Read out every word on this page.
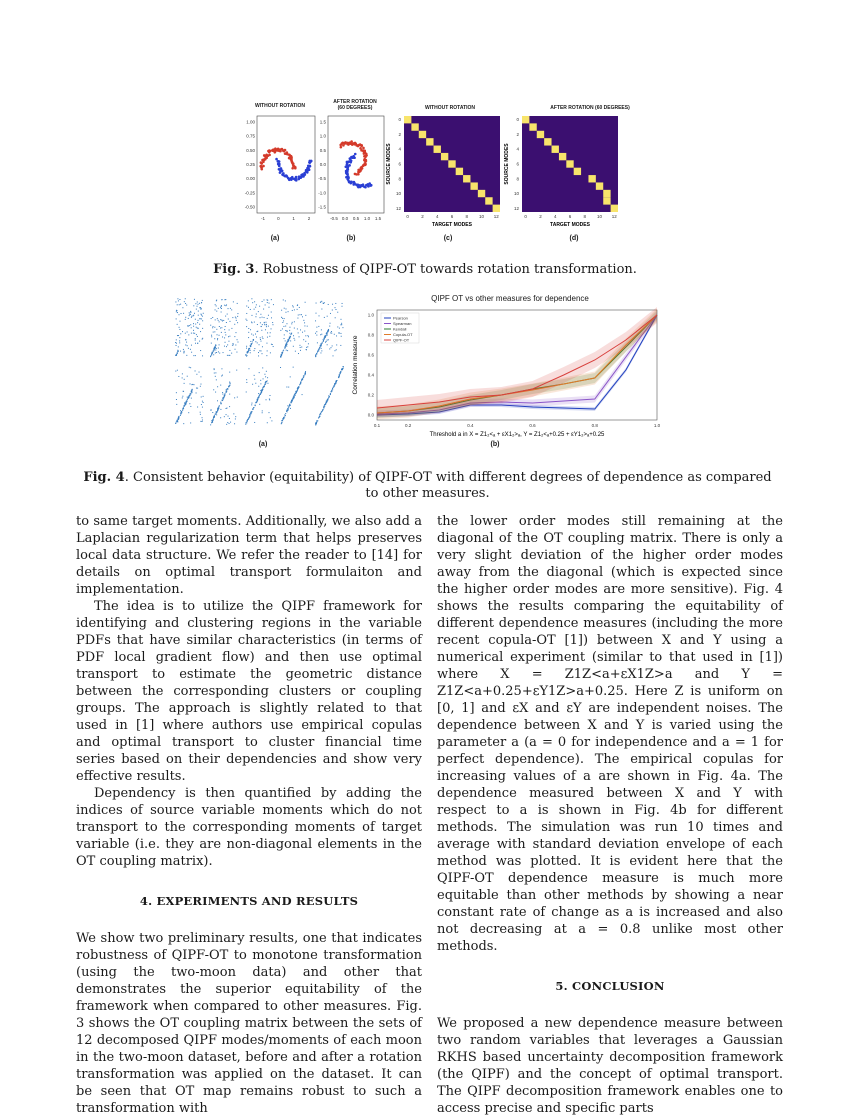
WITHOUT ROTATION
1.00
0.75
0.50
0.25
0.00
-0.25
-0.50
-1	0	1	2
(a)
AFTER ROTATION
(60 DEGREES)
1.5
1.0
0.5
0.0
-0.5
-1.0
-1.5
-0.5 0.0 0.5 1.0 1.5
(b)
WITHOUT ROTATION
0
0
2
2
4
4
6
6
8
8
10
10
12
12
SOURCE MODES
TARGET MODES
(c)
AFTER ROTATION (60 DEGREES)
0
0
2
2
4
4
6
6
8
8
10
10
12
12
SOURCE MODES
TARGET MODES
(d)
Fig. 3. Robustness of QIPF-OT towards rotation transformation.
(a)
QIPF OT vs other measures for dependence
0.0
0.2
0.4
0.6
0.8
1.0
0.1	0.2	0.4	0.6	0.8	1.0
Correlation measure
Threshold a in X = Z1₂<ₐ + εX1₂>ₐ, Y = Z1₂<ₐ+0.25 + εY1₂>ₐ+0.25
Pearson
Spearman
Kendall
Copula-OT
QIPF-OT
(b)
Fig. 4. Consistent behavior (equitability) of QIPF-OT with different degrees of dependence as compared to other measures.

to same target moments. Additionally, we also add a Laplacian regularization term that helps preserves local data structure. We refer the reader to [14] for details on optimal transport formulaiton and implementation.

The idea is to utilize the QIPF framework for identifying and clustering regions in the variable PDFs that have similar characteristics (in terms of PDF local gradient flow) and then use optimal transport to estimate the geometric distance between the corresponding clusters or coupling groups. The approach is slightly related to that used in [1] where authors use empirical copulas and optimal transport to cluster financial time series based on their dependencies and show very effective results.

Dependency is then quantified by adding the indices of source variable moments which do not transport to the corresponding moments of target variable (i.e. they are non-diagonal elements in the OT coupling matrix).

4. EXPERIMENTS AND RESULTS

We show two preliminary results, one that indicates robustness of QIPF-OT to monotone transformation (using the two-moon data) and other that demonstrates the superior equitability of the framework when compared to other measures. Fig. 3 shows the OT coupling matrix between the sets of 12 decomposed QIPF modes/moments of each moon in the two-moon dataset, before and after a rotation transformation was applied on the dataset. It can be seen that OT map remains robust to such a transformation with

the lower order modes still remaining at the diagonal of the OT coupling matrix. There is only a very slight deviation of the higher order modes away from the diagonal (which is expected since the higher order modes are more sensitive). Fig. 4 shows the results comparing the equitability of different dependence measures (including the more recent copula-OT [1]) between X and Y using a numerical experiment (similar to that used in [1]) where X = Z1Z<a+εX1Z>a and Y = Z1Z<a+0.25+εY1Z>a+0.25. Here Z is uniform on [0, 1] and εX and εY are independent noises. The dependence between X and Y is varied using the parameter a (a = 0 for independence and a = 1 for perfect dependence). The empirical copulas for increasing values of a are shown in Fig. 4a. The dependence measured between X and Y with respect to a is shown in Fig. 4b for different methods. The simulation was run 10 times and average with standard deviation envelope of each method was plotted. It is evident here that the QIPF-OT dependence measure is much more equitable than other methods by showing a near constant rate of change as a is increased and also not decreasing at a = 0.8 unlike most other methods.

5. CONCLUSION

We proposed a new dependence measure between two random variables that leverages a Gaussian RKHS based uncertainty decomposition framework (the QIPF) and the concept of optimal transport. The QIPF decomposition framework enables one to access precise and specific parts
